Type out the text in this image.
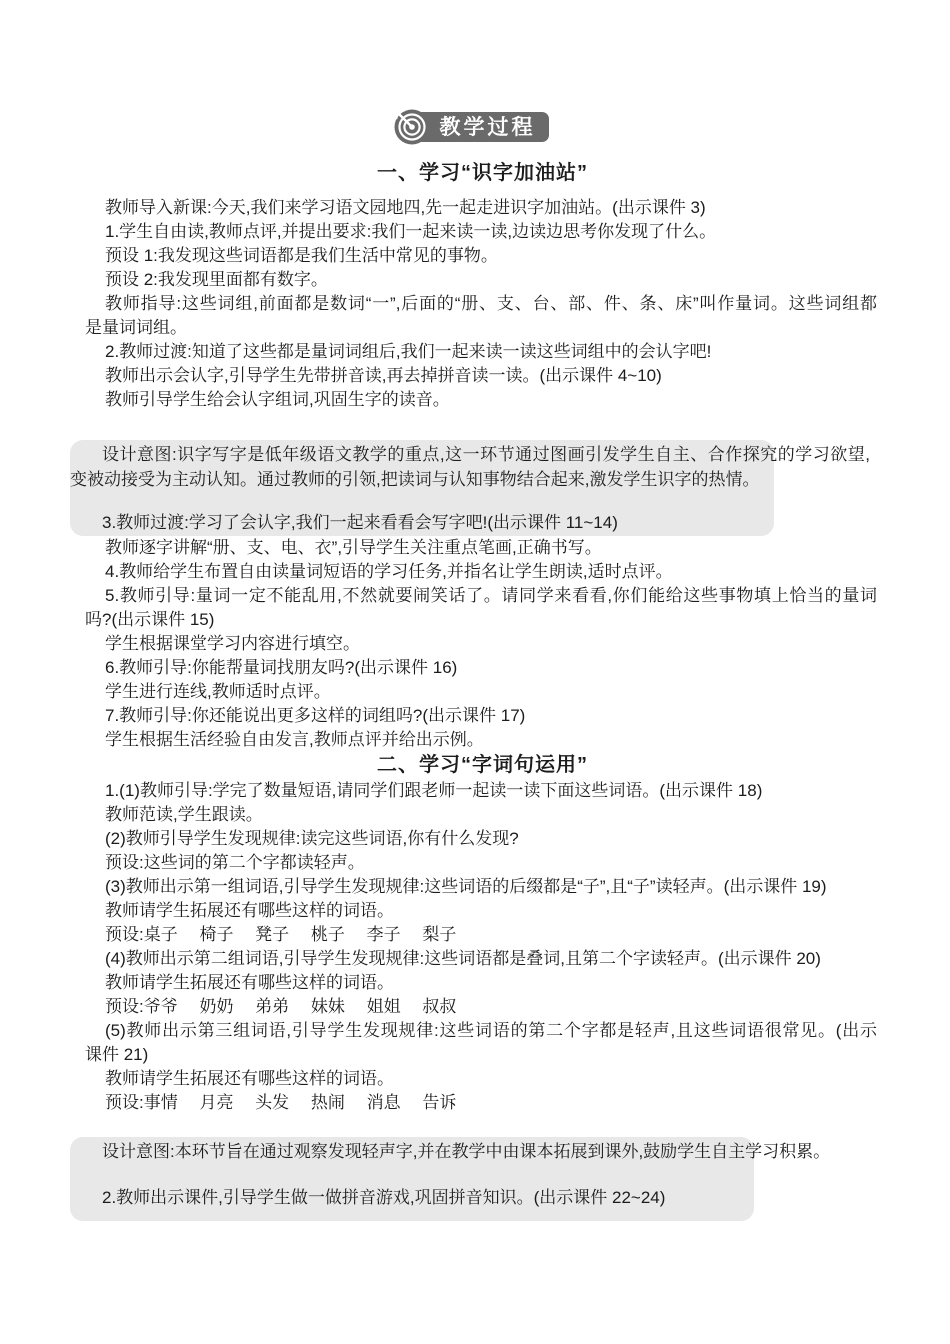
教学过程
一、学习“识字加油站”
教师导入新课:今天,我们来学习语文园地四,先一起走进识字加油站。(出示课件 3)
1.学生自由读,教师点评,并提出要求:我们一起来读一读,边读边思考你发现了什么。
预设 1:我发现这些词语都是我们生活中常见的事物。
预设 2:我发现里面都有数字。
教师指导:这些词组,前面都是数词“一”,后面的“册、支、台、部、件、条、床”叫作量词。这些词组都
是量词词组。
2.教师过渡:知道了这些都是量词词组后,我们一起来读一读这些词组中的会认字吧!
教师出示会认字,引导学生先带拼音读,再去掉拼音读一读。(出示课件 4~10)
教师引导学生给会认字组词,巩固生字的读音。
设计意图:识字写字是低年级语文教学的重点,这一环节通过图画引发学生自主、合作探究的学习欲望,
变被动接受为主动认知。通过教师的引领,把读词与认知事物结合起来,激发学生识字的热情。
3.教师过渡:学习了会认字,我们一起来看看会写字吧!(出示课件 11~14)
教师逐字讲解“册、支、电、衣”,引导学生关注重点笔画,正确书写。
4.教师给学生布置自由读量词短语的学习任务,并指名让学生朗读,适时点评。
5.教师引导:量词一定不能乱用,不然就要闹笑话了。请同学来看看,你们能给这些事物填上恰当的量词
吗?(出示课件 15)
学生根据课堂学习内容进行填空。
6.教师引导:你能帮量词找朋友吗?(出示课件 16)
学生进行连线,教师适时点评。
7.教师引导:你还能说出更多这样的词组吗?(出示课件 17)
学生根据生活经验自由发言,教师点评并给出示例。
二、学习“字词句运用”
1.(1)教师引导:学完了数量短语,请同学们跟老师一起读一读下面这些词语。(出示课件 18)
教师范读,学生跟读。
(2)教师引导学生发现规律:读完这些词语,你有什么发现?
预设:这些词的第二个字都读轻声。
(3)教师出示第一组词语,引导学生发现规律:这些词语的后缀都是“子”,且“子”读轻声。(出示课件 19)
教师请学生拓展还有哪些这样的词语。
预设:桌子　 椅子　 凳子　 桃子　 李子　 梨子
(4)教师出示第二组词语,引导学生发现规律:这些词语都是叠词,且第二个字读轻声。(出示课件 20)
教师请学生拓展还有哪些这样的词语。
预设:爷爷　 奶奶　 弟弟　 妹妹　 姐姐　 叔叔
(5)教师出示第三组词语,引导学生发现规律:这些词语的第二个字都是轻声,且这些词语很常见。(出示
课件 21)
教师请学生拓展还有哪些这样的词语。
预设:事情　 月亮　 头发　 热闹　 消息　 告诉
设计意图:本环节旨在通过观察发现轻声字,并在教学中由课本拓展到课外,鼓励学生自主学习积累。
2.教师出示课件,引导学生做一做拼音游戏,巩固拼音知识。(出示课件 22~24)
